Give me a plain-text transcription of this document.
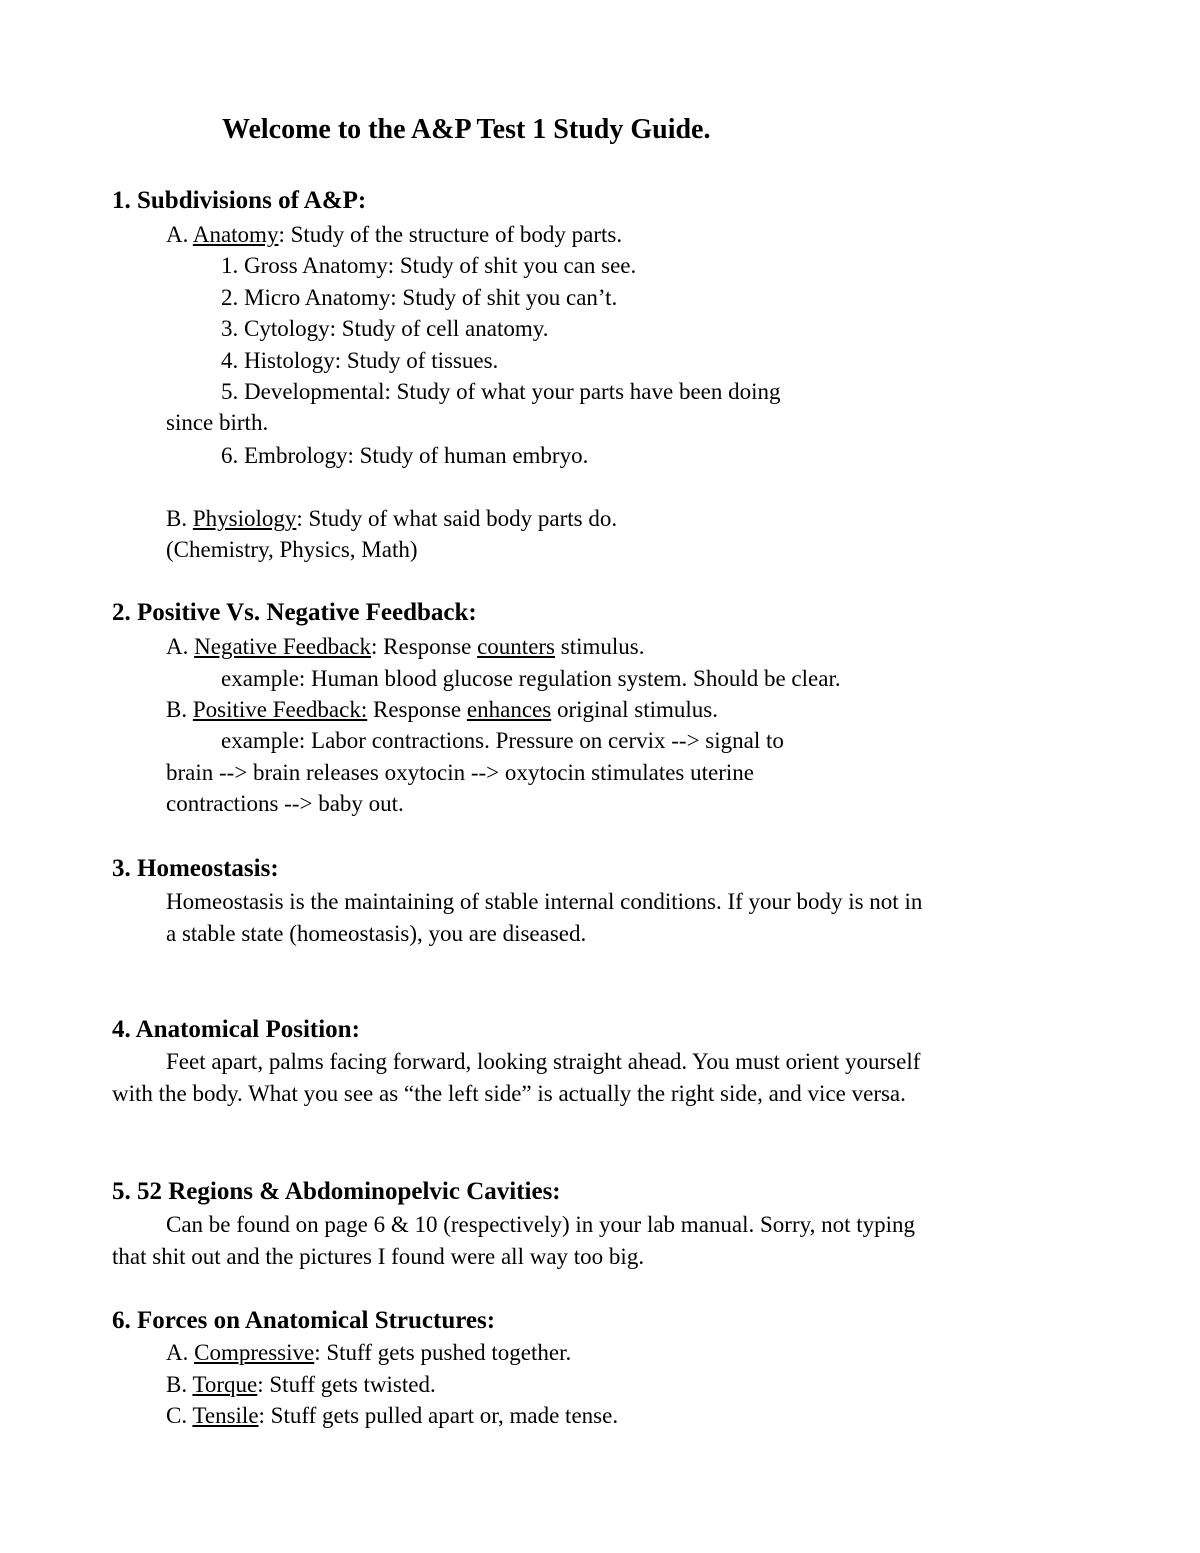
Welcome to the A&P Test 1 Study Guide.
1. Subdivisions of A&P:
A. Anatomy: Study of the structure of body parts.
1. Gross Anatomy: Study of shit you can see.
2. Micro Anatomy: Study of shit you can’t.
3. Cytology: Study of cell anatomy.
4. Histology: Study of tissues.
5. Developmental: Study of what your parts have been doing
since birth.
6. Embrology: Study of human embryo.
B. Physiology: Study of what said body parts do.
(Chemistry, Physics, Math)
2. Positive Vs. Negative Feedback:
A. Negative Feedback: Response counters stimulus.
example: Human blood glucose regulation system. Should be clear.
B. Positive Feedback: Response enhances original stimulus.
example: Labor contractions. Pressure on cervix --> signal to
brain --> brain releases oxytocin --> oxytocin stimulates uterine
contractions --> baby out.
3. Homeostasis:
Homeostasis is the maintaining of stable internal conditions. If your body is not in
a stable state (homeostasis), you are diseased.
4. Anatomical Position:
Feet apart, palms facing forward, looking straight ahead. You must orient yourself
with the body. What you see as “the left side” is actually the right side, and vice versa.
5. 52 Regions & Abdominopelvic Cavities:
Can be found on page 6 & 10 (respectively) in your lab manual. Sorry, not typing
that shit out and the pictures I found were all way too big.
6. Forces on Anatomical Structures:
A. Compressive: Stuff gets pushed together.
B. Torque: Stuff gets twisted.
C. Tensile: Stuff gets pulled apart or, made tense.
